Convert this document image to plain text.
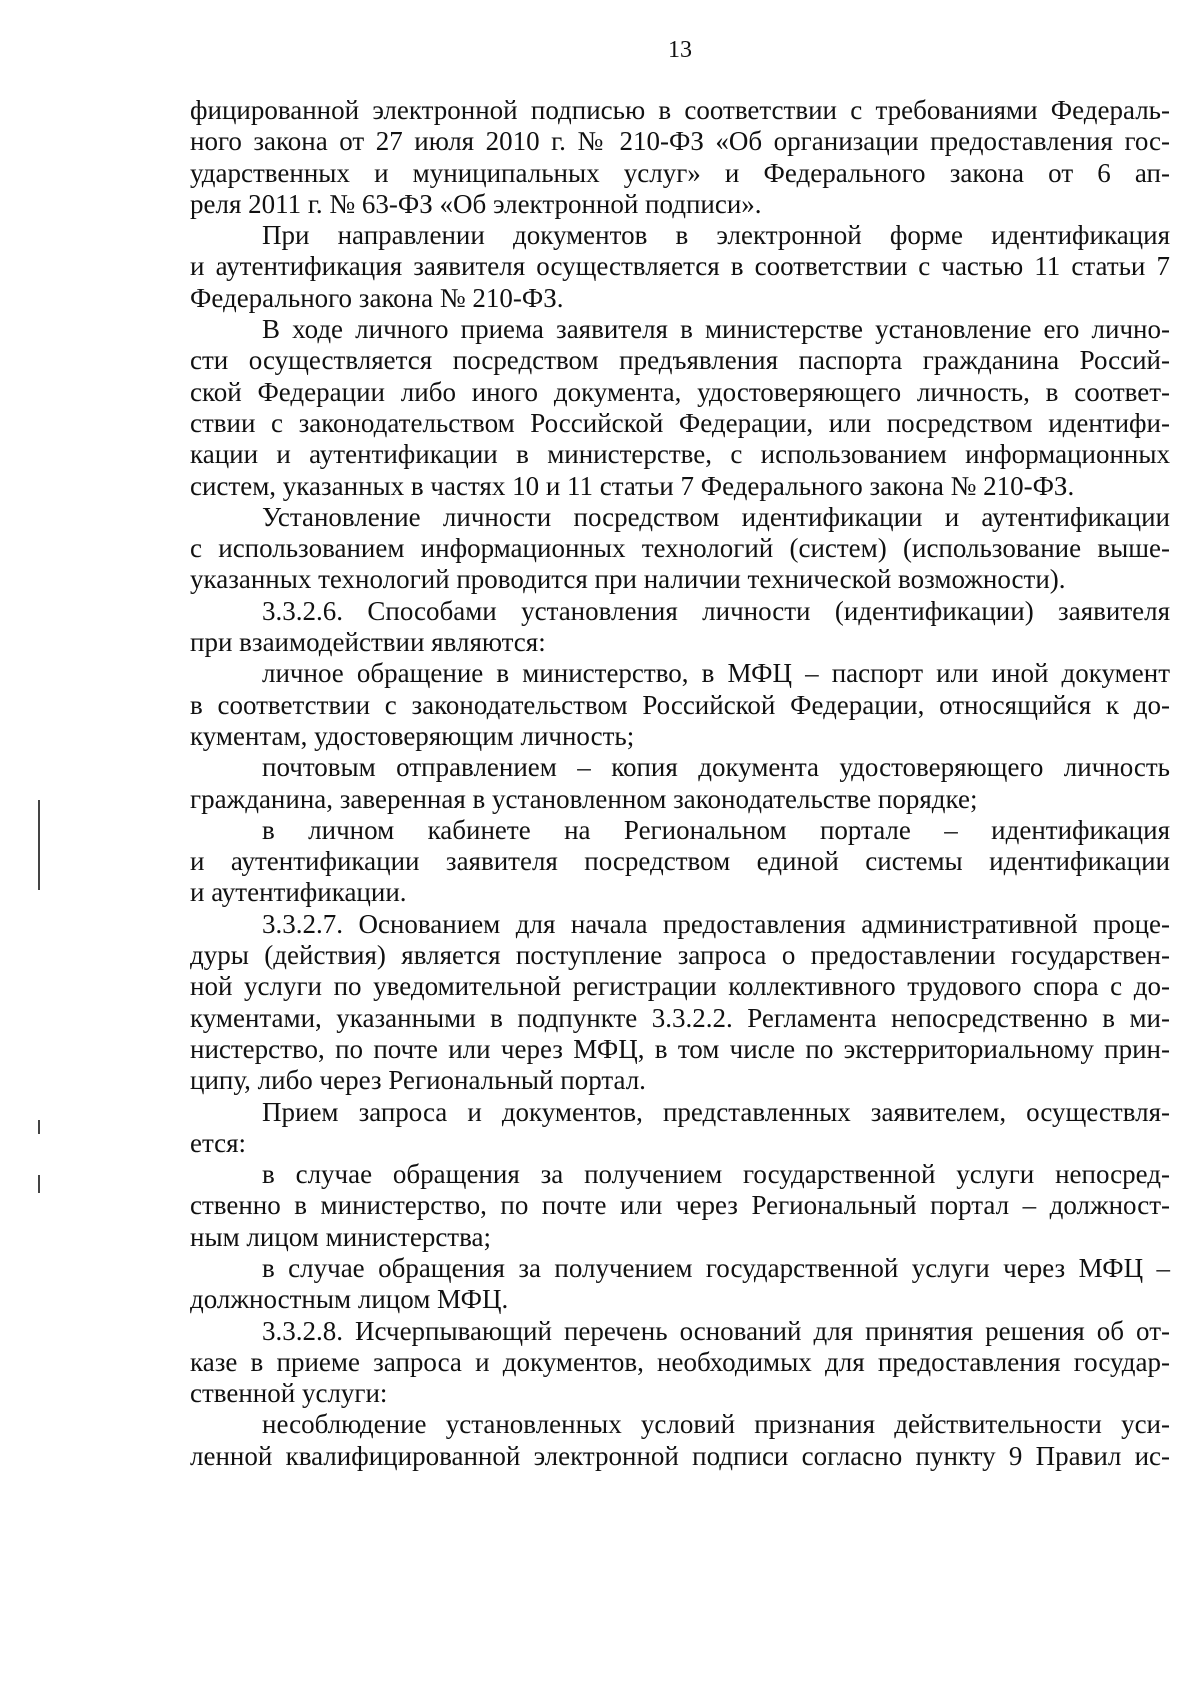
13
фицированной электронной подписью в соответствии с требованиями Федераль-
ного закона от 27 июля 2010 г. № 210-ФЗ «Об организации предоставления гос-
ударственных и муниципальных услуг» и Федерального закона от 6 ап-
реля 2011 г. № 63-ФЗ «Об электронной подписи».
При направлении документов в электронной форме идентификация
и аутентификация заявителя осуществляется в соответствии с частью 11 статьи 7
Федерального закона № 210-ФЗ.
В ходе личного приема заявителя в министерстве установление его лично-
сти осуществляется посредством предъявления паспорта гражданина Россий-
ской Федерации либо иного документа, удостоверяющего личность, в соответ-
ствии с законодательством Российской Федерации, или посредством идентифи-
кации и аутентификации в министерстве, с использованием информационных
систем, указанных в частях 10 и 11 статьи 7 Федерального закона № 210-ФЗ.
Установление личности посредством идентификации и аутентификации
с использованием информационных технологий (систем) (использование выше-
указанных технологий проводится при наличии технической возможности).
3.3.2.6. Способами установления личности (идентификации) заявителя
при взаимодействии являются:
личное обращение в министерство, в МФЦ – паспорт или иной документ
в соответствии с законодательством Российской Федерации, относящийся к до-
кументам, удостоверяющим личность;
почтовым отправлением – копия документа удостоверяющего личность
гражданина, заверенная в установленном законодательстве порядке;
в личном кабинете на Региональном портале – идентификация
и аутентификации заявителя посредством единой системы идентификации
и аутентификации.
3.3.2.7. Основанием для начала предоставления административной проце-
дуры (действия) является поступление запроса о предоставлении государствен-
ной услуги по уведомительной регистрации коллективного трудового спора с до-
кументами, указанными в подпункте 3.3.2.2. Регламента непосредственно в ми-
нистерство, по почте или через МФЦ, в том числе по экстерриториальному прин-
ципу, либо через Региональный портал.
Прием запроса и документов, представленных заявителем, осуществля-
ется:
в случае обращения за получением государственной услуги непосред-
ственно в министерство, по почте или через Региональный портал – должност-
ным лицом министерства;
в случае обращения за получением государственной услуги через МФЦ –
должностным лицом МФЦ.
3.3.2.8. Исчерпывающий перечень оснований для принятия решения об от-
казе в приеме запроса и документов, необходимых для предоставления государ-
ственной услуги:
несоблюдение установленных условий признания действительности уси-
ленной квалифицированной электронной подписи согласно пункту 9 Правил ис-
